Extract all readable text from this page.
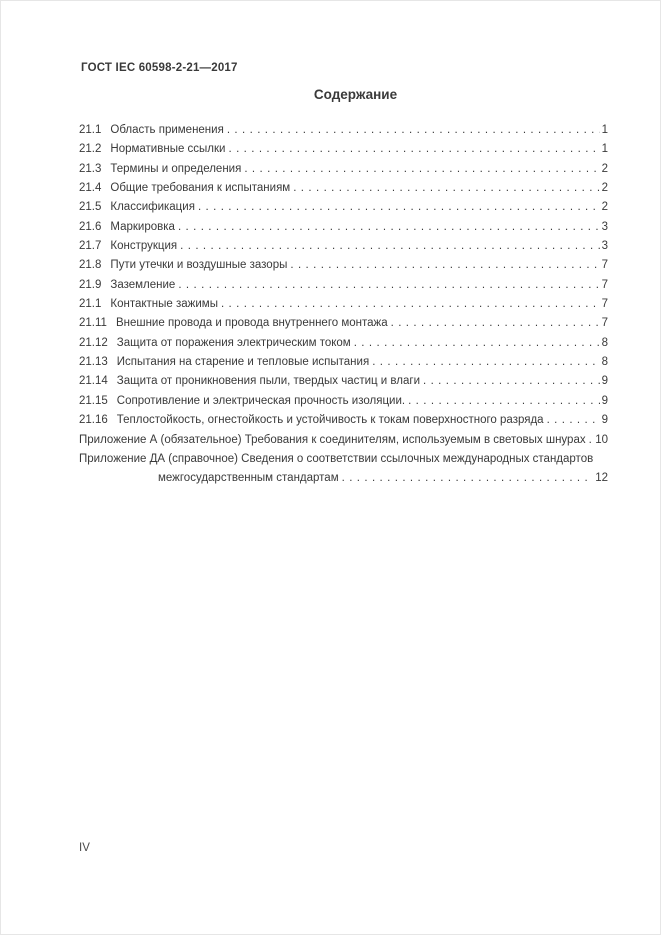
ГОСТ IEC 60598-2-21—2017
Содержание
21.1 Область применения . . .	1
21.2 Нормативные ссылки . . .	1
21.3 Термины и определения . . .	2
21.4 Общие требования к испытаниям . . .	2
21.5 Классификация . . .	2
21.6 Маркировка . . .	3
21.7 Конструкция . . .	3
21.8 Пути утечки и воздушные зазоры . . .	7
21.9 Заземление . . .	7
21.1 Контактные зажимы . . .	7
21.11 Внешние провода и провода внутреннего монтажа . . .	7
21.12 Защита от поражения электрическим током . . .	8
21.13 Испытания на старение и тепловые испытания . . .	8
21.14 Защита от проникновения пыли, твердых частиц и влаги . . .	9
21.15 Сопротивление и электрическая прочность изоляции. . . .	9
21.16 Теплостойкость, огнестойкость и устойчивость к токам поверхностного разряда . . .	9
Приложение А (обязательное) Требования к соединителям, используемым в световых шнурах . . . 10
Приложение ДА (справочное) Сведения о соответствии ссылочных международных стандартов
межгосударственным стандартам . . .	12
IV
